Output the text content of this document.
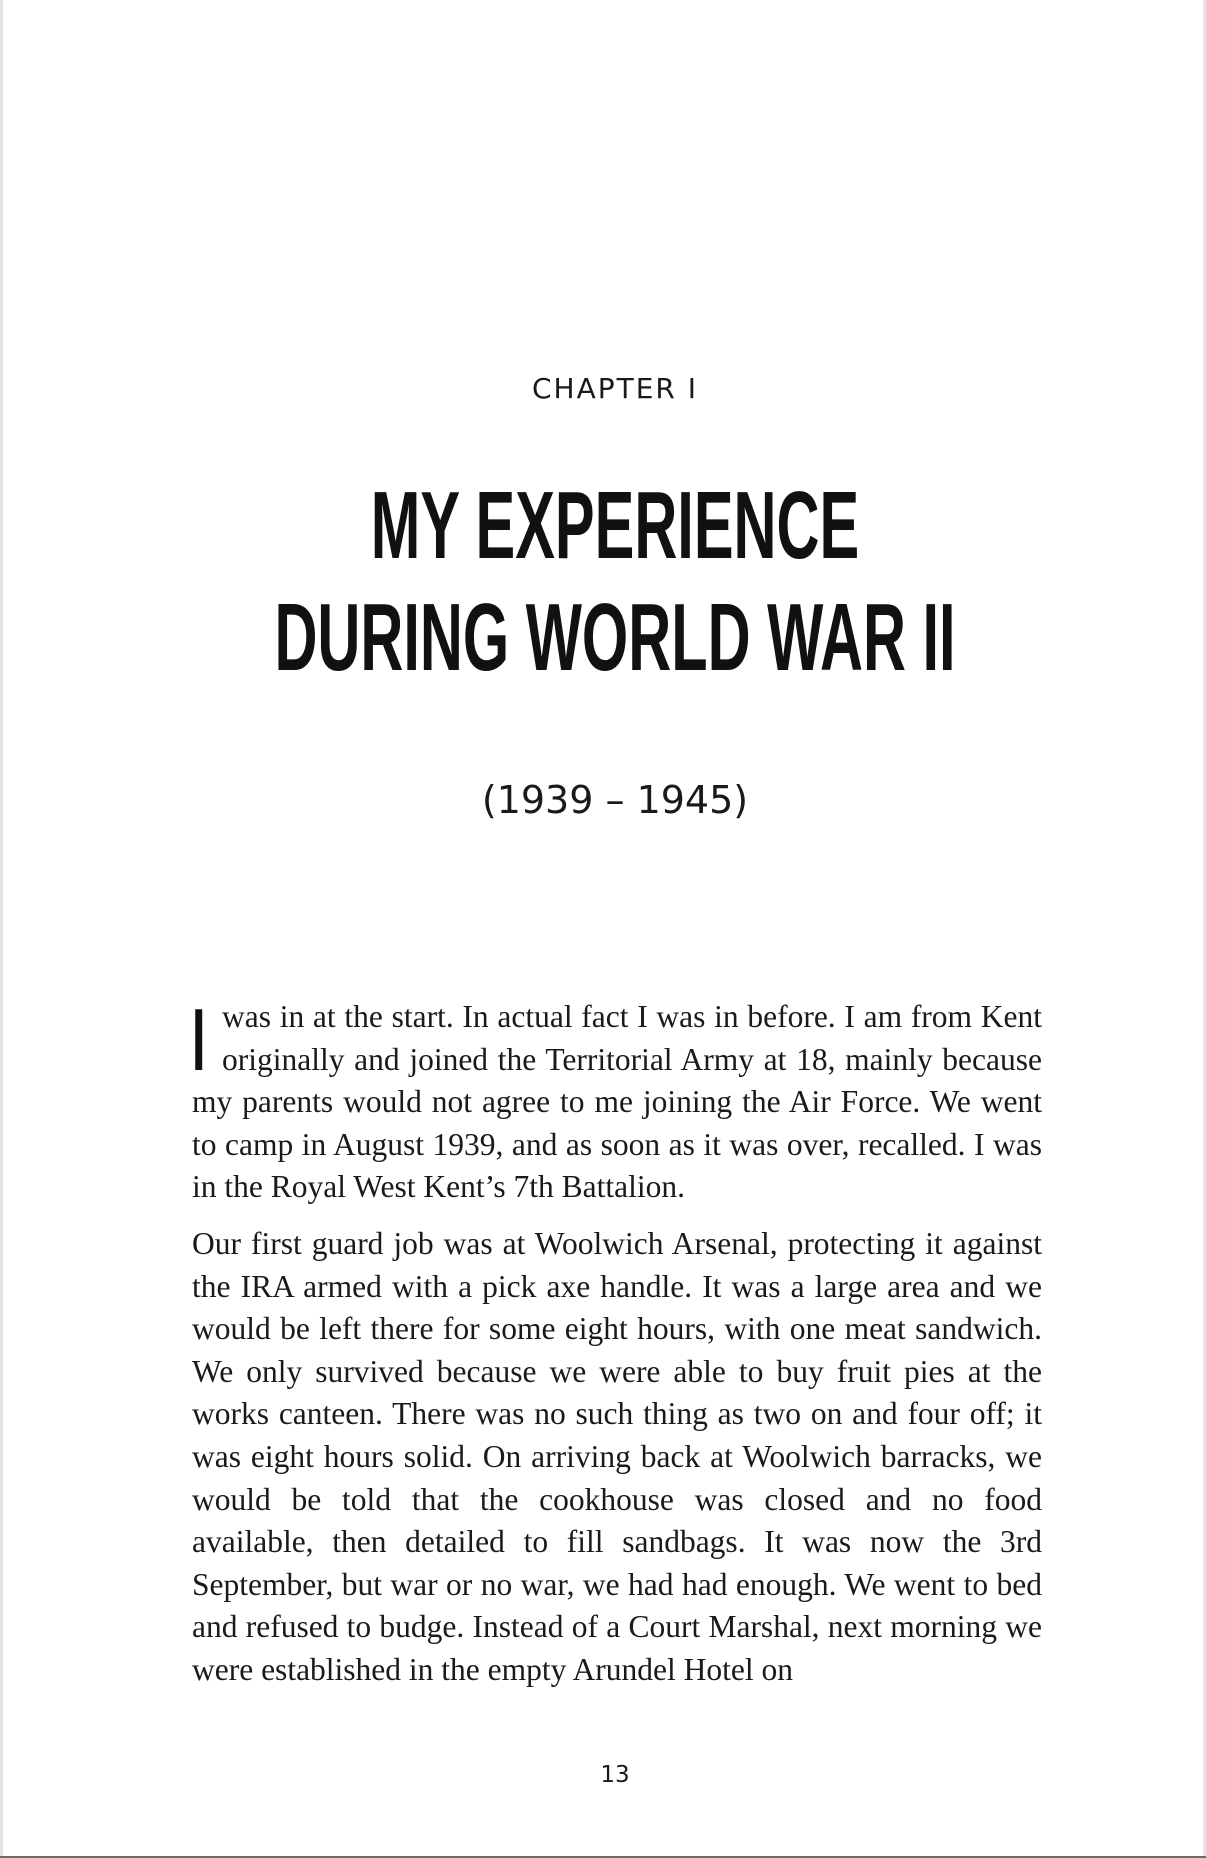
CHAPTER I
MY EXPERIENCE
DURING WORLD WAR II
(1939 – 1945)

Iwas in at the start. In actual fact I was in before. I am from Kent originally and joined the Territorial Army at 18, mainly because my parents would not agree to me joining the Air Force. We went to camp in August 1939, and as soon as it was over, recalled. I was in the Royal West Kent’s 7th Battalion.

Our first guard job was at Woolwich Arsenal, protecting it against the IRA armed with a pick axe handle. It was a large area and we would be left there for some eight hours, with one meat sandwich. We only survived because we were able to buy fruit pies at the works canteen. There was no such thing as two on and four off; it was eight hours solid. On arriving back at Woolwich barracks, we would be told that the cookhouse was closed and no food available, then detailed to fill sandbags. It was now the 3rd September, but war or no war, we had had enough. We went to bed and refused to budge. Instead of a Court Marshal, next morning we were established in the empty Arundel Hotel on

13
